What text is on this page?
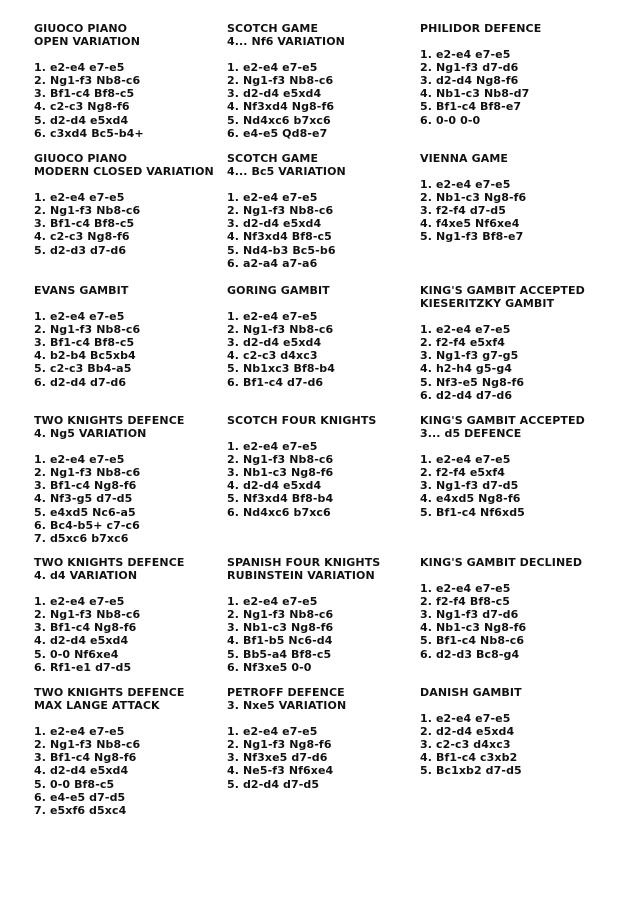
GIUOCO PIANO
OPEN VARIATION
1. e2-e4 e7-e5
2. Ng1-f3 Nb8-c6
3. Bf1-c4 Bf8-c5
4. c2-c3 Ng8-f6
5. d2-d4 e5xd4
6. c3xd4 Bc5-b4+
GIUOCO PIANO
MODERN CLOSED VARIATION
1. e2-e4 e7-e5
2. Ng1-f3 Nb8-c6
3. Bf1-c4 Bf8-c5
4. c2-c3 Ng8-f6
5. d2-d3 d7-d6
EVANS GAMBIT
1. e2-e4 e7-e5
2. Ng1-f3 Nb8-c6
3. Bf1-c4 Bf8-c5
4. b2-b4 Bc5xb4
5. c2-c3 Bb4-a5
6. d2-d4 d7-d6
TWO KNIGHTS DEFENCE
4. Ng5 VARIATION
1. e2-e4 e7-e5
2. Ng1-f3 Nb8-c6
3. Bf1-c4 Ng8-f6
4. Nf3-g5 d7-d5
5. e4xd5 Nc6-a5
6. Bc4-b5+ c7-c6
7. d5xc6 b7xc6
TWO KNIGHTS DEFENCE
4. d4 VARIATION
1. e2-e4 e7-e5
2. Ng1-f3 Nb8-c6
3. Bf1-c4 Ng8-f6
4. d2-d4 e5xd4
5. 0-0 Nf6xe4
6. Rf1-e1 d7-d5
TWO KNIGHTS DEFENCE
MAX LANGE ATTACK
1. e2-e4 e7-e5
2. Ng1-f3 Nb8-c6
3. Bf1-c4 Ng8-f6
4. d2-d4 e5xd4
5. 0-0 Bf8-c5
6. e4-e5 d7-d5
7. e5xf6 d5xc4
SCOTCH GAME
4... Nf6 VARIATION
1. e2-e4 e7-e5
2. Ng1-f3 Nb8-c6
3. d2-d4 e5xd4
4. Nf3xd4 Ng8-f6
5. Nd4xc6 b7xc6
6. e4-e5 Qd8-e7
SCOTCH GAME
4... Bc5 VARIATION
1. e2-e4 e7-e5
2. Ng1-f3 Nb8-c6
3. d2-d4 e5xd4
4. Nf3xd4 Bf8-c5
5. Nd4-b3 Bc5-b6
6. a2-a4 a7-a6
GORING GAMBIT
1. e2-e4 e7-e5
2. Ng1-f3 Nb8-c6
3. d2-d4 e5xd4
4. c2-c3 d4xc3
5. Nb1xc3 Bf8-b4
6. Bf1-c4 d7-d6
SCOTCH FOUR KNIGHTS
1. e2-e4 e7-e5
2. Ng1-f3 Nb8-c6
3. Nb1-c3 Ng8-f6
4. d2-d4 e5xd4
5. Nf3xd4 Bf8-b4
6. Nd4xc6 b7xc6
SPANISH FOUR KNIGHTS
RUBINSTEIN VARIATION
1. e2-e4 e7-e5
2. Ng1-f3 Nb8-c6
3. Nb1-c3 Ng8-f6
4. Bf1-b5 Nc6-d4
5. Bb5-a4 Bf8-c5
6. Nf3xe5 0-0
PETROFF DEFENCE
3. Nxe5 VARIATION
1. e2-e4 e7-e5
2. Ng1-f3 Ng8-f6
3. Nf3xe5 d7-d6
4. Ne5-f3 Nf6xe4
5. d2-d4 d7-d5
PHILIDOR DEFENCE
1. e2-e4 e7-e5
2. Ng1-f3 d7-d6
3. d2-d4 Ng8-f6
4. Nb1-c3 Nb8-d7
5. Bf1-c4 Bf8-e7
6. 0-0 0-0
VIENNA GAME
1. e2-e4 e7-e5
2. Nb1-c3 Ng8-f6
3. f2-f4 d7-d5
4. f4xe5 Nf6xe4
5. Ng1-f3 Bf8-e7
KING'S GAMBIT ACCEPTED
KIESERITZKY GAMBIT
1. e2-e4 e7-e5
2. f2-f4 e5xf4
3. Ng1-f3 g7-g5
4. h2-h4 g5-g4
5. Nf3-e5 Ng8-f6
6. d2-d4 d7-d6
KING'S GAMBIT ACCEPTED
3... d5 DEFENCE
1. e2-e4 e7-e5
2. f2-f4 e5xf4
3. Ng1-f3 d7-d5
4. e4xd5 Ng8-f6
5. Bf1-c4 Nf6xd5
KING'S GAMBIT DECLINED
1. e2-e4 e7-e5
2. f2-f4 Bf8-c5
3. Ng1-f3 d7-d6
4. Nb1-c3 Ng8-f6
5. Bf1-c4 Nb8-c6
6. d2-d3 Bc8-g4
DANISH GAMBIT
1. e2-e4 e7-e5
2. d2-d4 e5xd4
3. c2-c3 d4xc3
4. Bf1-c4 c3xb2
5. Bc1xb2 d7-d5
